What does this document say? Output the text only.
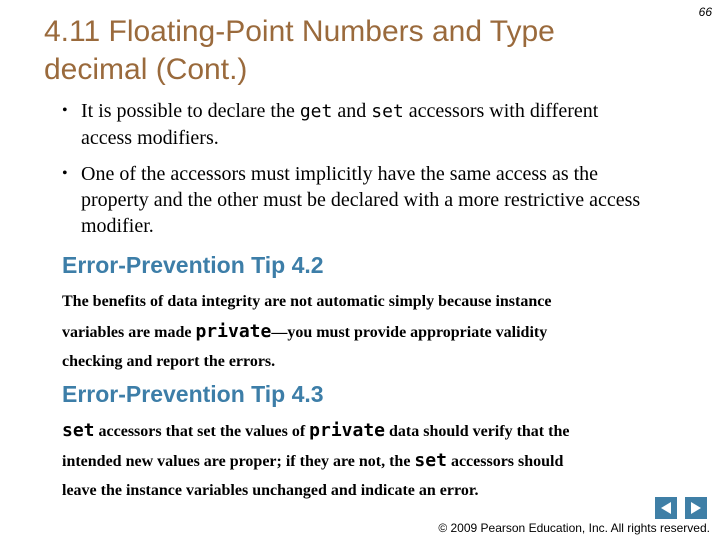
4.11 Floating-Point Numbers and Type
decimal (Cont.)
66
• It is possible to declare the get and set accessors with different
access modifiers.
• One of the accessors must implicitly have the same access as the
property and the other must be declared with a more restrictive access
modifier.
Error-Prevention Tip 4.2
The benefits of data integrity are not automatic simply because instance
variables are made private—you must provide appropriate validity
checking and report the errors.
Error-Prevention Tip 4.3
set accessors that set the values of private data should verify that the
intended new values are proper; if they are not, the set accessors should
leave the instance variables unchanged and indicate an error.
© 2009 Pearson Education, Inc. All rights reserved.
